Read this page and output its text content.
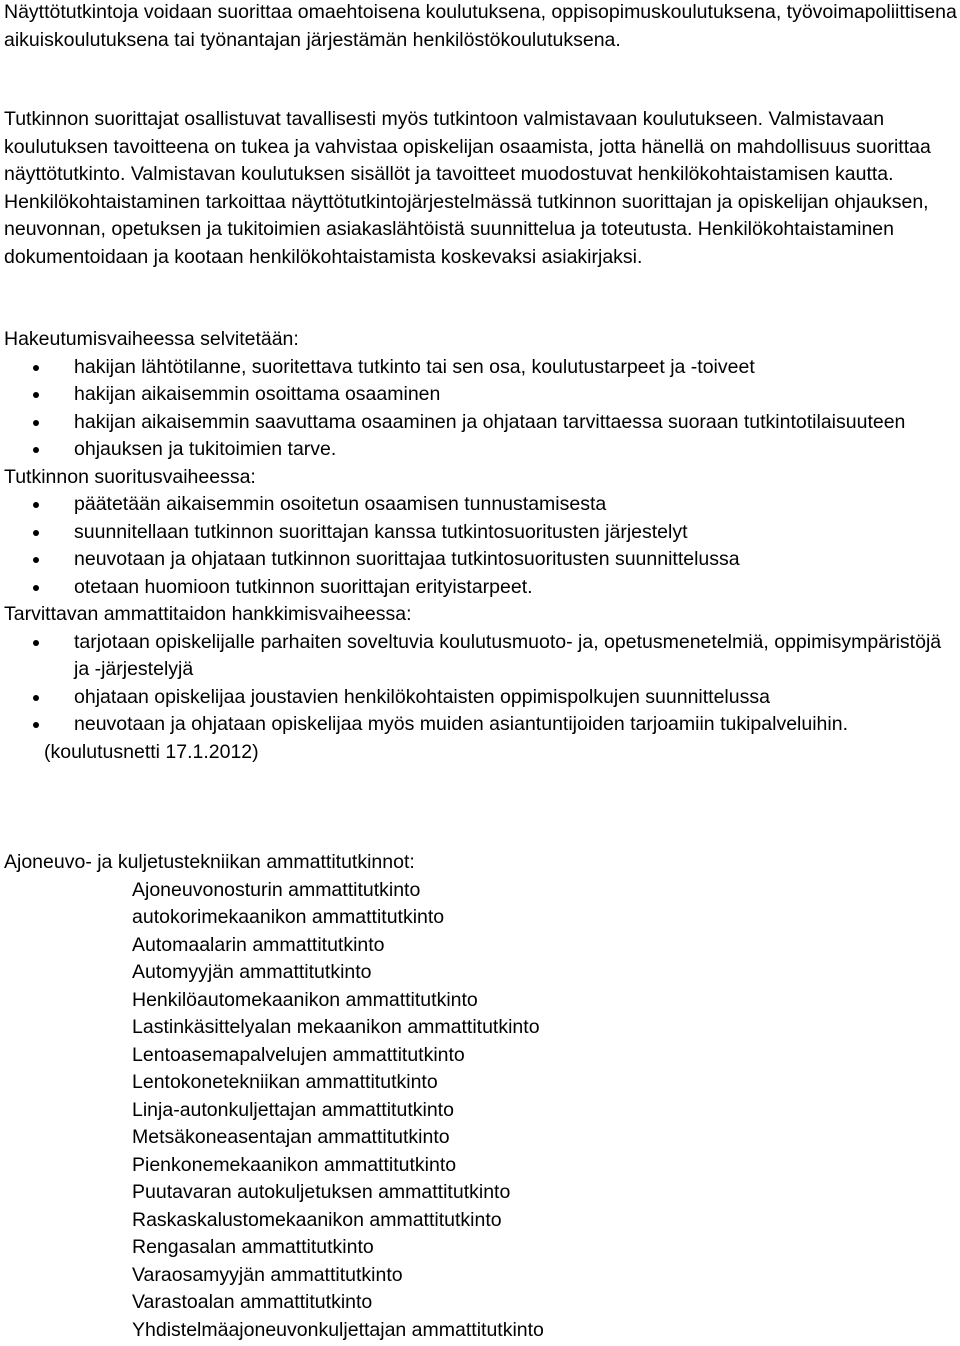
Näyttötutkintoja voidaan suorittaa omaehtoisena koulutuksena, oppisopimuskoulutuksena, työvoimapoliittisena aikuiskoulutuksena tai työnantajan järjestämän henkilöstökoulutuksena.

Tutkinnon suorittajat osallistuvat tavallisesti myös tutkintoon valmistavaan koulutukseen. Valmistavaan koulutuksen tavoitteena on tukea ja vahvistaa opiskelijan osaamista, jotta hänellä on mahdollisuus suorittaa näyttötutkinto. Valmistavan koulutuksen sisällöt ja tavoitteet muodostuvat henkilökohtaistamisen kautta. Henkilökohtaistaminen tarkoittaa näyttötutkintojärjestelmässä tutkinnon suorittajan ja opiskelijan ohjauksen, neuvonnan, opetuksen ja tukitoimien asiakaslähtöistä suunnittelua ja toteutusta. Henkilökohtaistaminen dokumentoidaan ja kootaan henkilökohtaistamista koskevaksi asiakirjaksi.

Hakeutumisvaiheessa selvitetään:

hakijan lähtötilanne, suoritettava tutkinto tai sen osa, koulutustarpeet ja -toiveet
hakijan aikaisemmin osoittama osaaminen
hakijan aikaisemmin saavuttama osaaminen ja ohjataan tarvittaessa suoraan tutkintotilaisuuteen
ohjauksen ja tukitoimien tarve.

Tutkinnon suoritusvaiheessa:

päätetään aikaisemmin osoitetun osaamisen tunnustamisesta
suunnitellaan tutkinnon suorittajan kanssa tutkintosuoritusten järjestelyt
neuvotaan ja ohjataan tutkinnon suorittajaa tutkintosuoritusten suunnittelussa
otetaan huomioon tutkinnon suorittajan erityistarpeet.

Tarvittavan ammattitaidon hankkimisvaiheessa:

tarjotaan opiskelijalle parhaiten soveltuvia koulutusmuoto- ja, opetusmenetelmiä, oppimisympäristöjä ja -järjestelyjä
ohjataan opiskelijaa joustavien henkilökohtaisten oppimispolkujen suunnittelussa
neuvotaan ja ohjataan opiskelijaa myös muiden asiantuntijoiden tarjoamiin tukipalveluihin.

(koulutusnetti 17.1.2012)

Ajoneuvo- ja kuljetustekniikan ammattitutkinnot:

Ajoneuvonosturin ammattitutkinto
autokorimekaanikon ammattitutkinto
Automaalarin ammattitutkinto
Automyyjän ammattitutkinto
Henkilöautomekaanikon ammattitutkinto
Lastinkäsittelyalan mekaanikon ammattitutkinto
Lentoasemapalvelujen ammattitutkinto
Lentokonetekniikan ammattitutkinto
Linja-autonkuljettajan ammattitutkinto
Metsäkoneasentajan ammattitutkinto
Pienkonemekaanikon ammattitutkinto
Puutavaran autokuljetuksen ammattitutkinto
Raskaskalustomekaanikon ammattitutkinto
Rengasalan ammattitutkinto
Varaosamyyjän ammattitutkinto
Varastoalan ammattitutkinto
Yhdistelmäajoneuvonkuljettajan ammattitutkinto
